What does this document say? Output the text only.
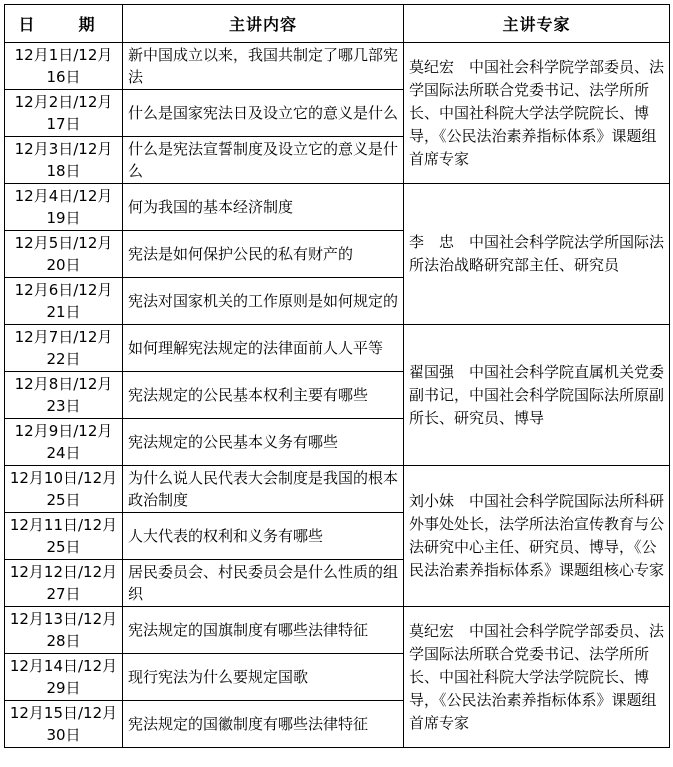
日　期	主讲内容	主讲专家
12月1日/12月16日	新中国成立以来，我国共制定了哪几部宪法	莫纪宏　中国社会科学院学部委员、法学国际法所联合党委书记、法学所所长、中国社科院大学法学院院长、博导，《公民法治素养指标体系》课题组首席专家
12月2日/12月17日	什么是国家宪法日及设立它的意义是什么	
12月3日/12月18日	什么是宪法宣誓制度及设立它的意义是什么	
12月4日/12月19日	何为我国的基本经济制度	李　忠　中国社会科学院法学所国际法所法治战略研究部主任、研究员
12月5日/12月20日	宪法是如何保护公民的私有财产的	
12月6日/12月21日	宪法对国家机关的工作原则是如何规定的	
12月7日/12月22日	如何理解宪法规定的法律面前人人平等	翟国强　中国社会科学院直属机关党委副书记，中国社会科学院国际法所原副所长、研究员、博导
12月8日/12月23日	宪法规定的公民基本权利主要有哪些	
12月9日/12月24日	宪法规定的公民基本义务有哪些	
12月10日/12月25日	为什么说人民代表大会制度是我国的根本政治制度	刘小妹　中国社会科学院国际法所科研外事处处长，法学所法治宣传教育与公法研究中心主任、研究员、博导，《公民法治素养指标体系》课题组核心专家
12月11日/12月25日	人大代表的权利和义务有哪些	
12月12日/12月27日	居民委员会、村民委员会是什么性质的组织	
12月13日/12月28日	宪法规定的国旗制度有哪些法律特征	莫纪宏　中国社会科学院学部委员、法学国际法所联合党委书记、法学所所长、中国社科院大学法学院院长、博导，《公民法治素养指标体系》课题组首席专家
12月14日/12月29日	现行宪法为什么要规定国歌	
12月15日/12月30日	宪法规定的国徽制度有哪些法律特征	
